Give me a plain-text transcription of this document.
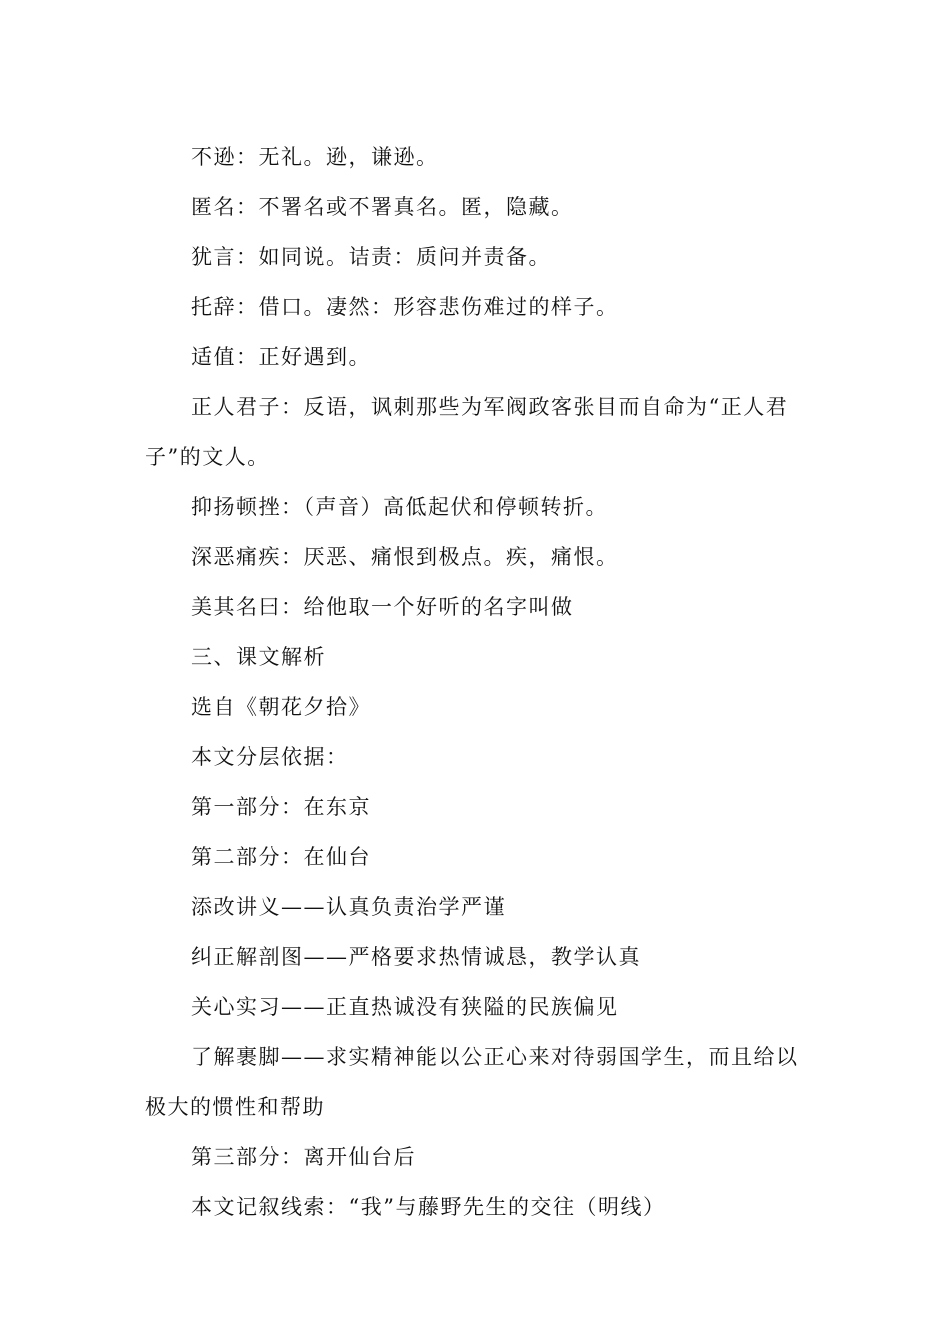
不逊：无礼。逊，谦逊。

匿名：不署名或不署真名。匿，隐藏。

犹言：如同说。诘责：质问并责备。

托辞：借口。凄然：形容悲伤难过的样子。

适值：正好遇到。

正人君子：反语，讽刺那些为军阀政客张目而自命为“正人君子”的文人。

抑扬顿挫：（声音）高低起伏和停顿转折。

深恶痛疾：厌恶、痛恨到极点。疾，痛恨。

美其名曰：给他取一个好听的名字叫做

三、课文解析

选自《朝花夕拾》

本文分层依据：

第一部分：在东京

第二部分：在仙台

添改讲义——认真负责治学严谨

纠正解剖图——严格要求热情诚恳，教学认真

关心实习——正直热诚没有狭隘的民族偏见

了解裹脚——求实精神能以公正心来对待弱国学生，而且给以极大的惯性和帮助

第三部分：离开仙台后

本文记叙线索：“我”与藤野先生的交往（明线）
